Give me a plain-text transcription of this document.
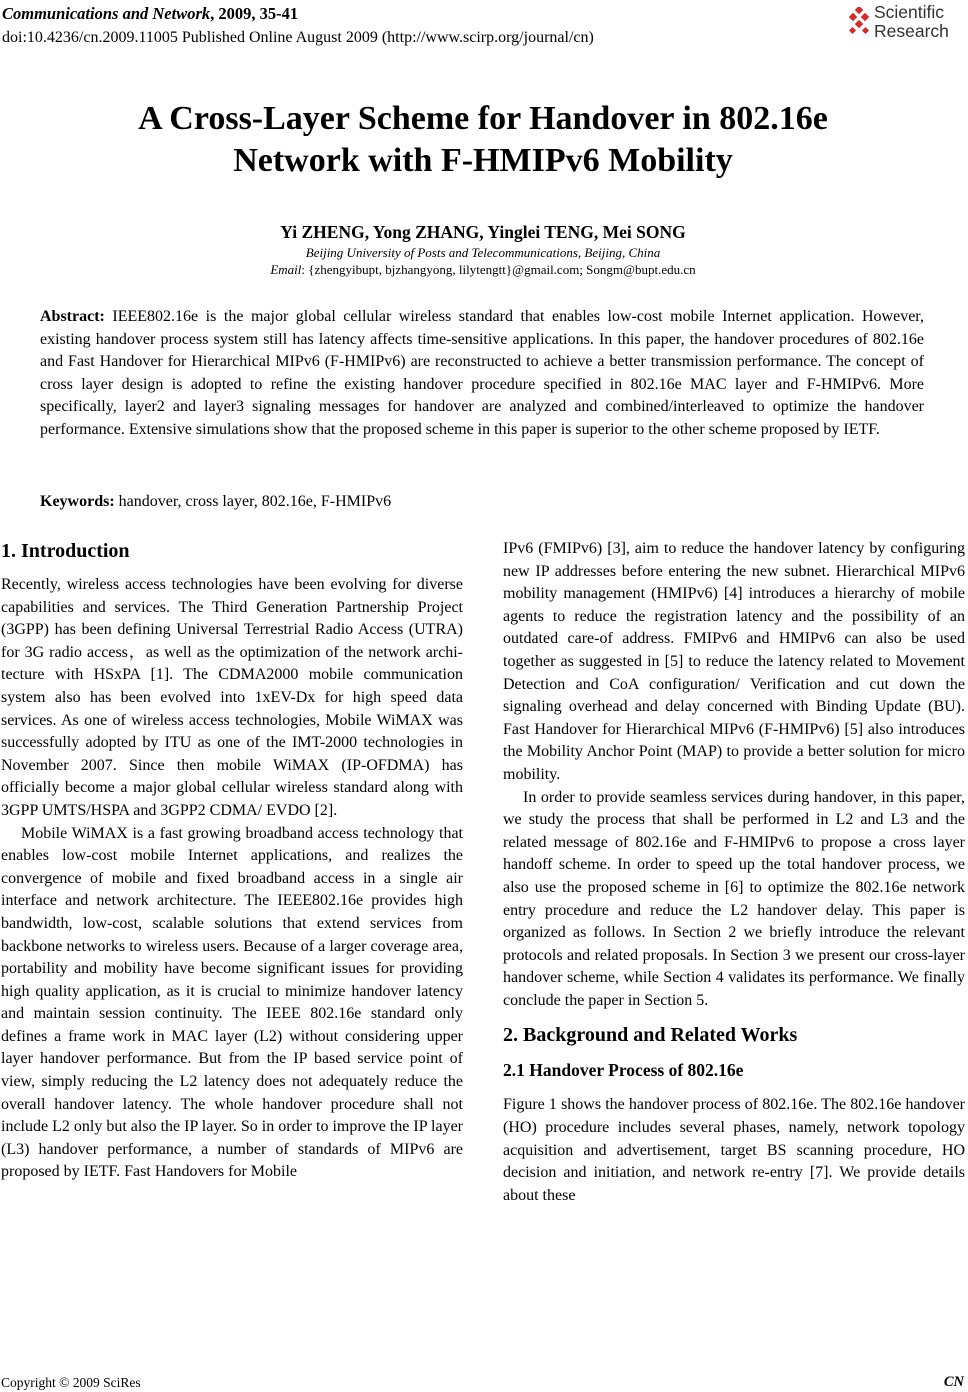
Communications and Network, 2009, 35-41
doi:10.4236/cn.2009.11005 Published Online August 2009 (http://www.scirp.org/journal/cn)
Scientific
Research
A Cross-Layer Scheme for Handover in 802.16e
Network with F-HMIPv6 Mobility
Yi ZHENG, Yong ZHANG, Yinglei TENG, Mei SONG
Beijing University of Posts and Telecommunications, Beijing, China
Email: {zhengyibupt, bjzhangyong, lilytengtt}@gmail.com; Songm@bupt.edu.cn
Abstract: IEEE802.16e is the major global cellular wireless standard that enables low-cost mobile Internet application. However, existing handover process system still has latency affects time-sensitive applications. In this paper, the handover procedures of 802.16e and Fast Handover for Hierarchical MIPv6 (F-HMIPv6) are reconstructed to achieve a better transmission performance. The concept of cross layer design is adopted to refine the existing handover procedure specified in 802.16e MAC layer and F-HMIPv6. More specifically, layer2 and layer3 signaling messages for handover are analyzed and combined/interleaved to optimize the handover performance. Extensive simulations show that the proposed scheme in this paper is superior to the other scheme proposed by IETF.
Keywords: handover, cross layer, 802.16e, F-HMIPv6
1. Introduction

Recently, wireless access technologies have been evolving for diverse capabilities and services. The Third Generation Partnership Project (3GPP) has been defining Universal Terrestrial Radio Access (UTRA) for 3G radio access，as well as the optimization of the network architecture with HSxPA [1]. The CDMA2000 mobile communication system also has been evolved into 1xEV-Dx for high speed data services. As one of wireless access technologies, Mobile WiMAX was successfully adopted by ITU as one of the IMT-2000 technologies in November 2007. Since then mobile WiMAX (IP-OFDMA) has officially become a major global cellular wireless standard along with 3GPP UMTS/HSPA and 3GPP2 CDMA/ EVDO [2].

Mobile WiMAX is a fast growing broadband access technology that enables low-cost mobile Internet applications, and realizes the convergence of mobile and fixed broadband access in a single air interface and network architecture. The IEEE802.16e provides high bandwidth, low-cost, scalable solutions that extend services from backbone networks to wireless users. Because of a larger coverage area, portability and mobility have become significant issues for providing high quality application, as it is crucial to minimize handover latency and maintain session continuity. The IEEE 802.16e standard only defines a frame work in MAC layer (L2) without considering upper layer handover performance. But from the IP based service point of view, simply reducing the L2 latency does not adequately reduce the overall handover latency. The whole handover procedure shall not include L2 only but also the IP layer. So in order to improve the IP layer (L3) handover performance, a number of standards of MIPv6 are proposed by IETF. Fast Handovers for Mobile

IPv6 (FMIPv6) [3], aim to reduce the handover latency by configuring new IP addresses before entering the new subnet. Hierarchical MIPv6 mobility management (HMIPv6) [4] introduces a hierarchy of mobile agents to reduce the registration latency and the possibility of an outdated care-of address. FMIPv6 and HMIPv6 can also be used together as suggested in [5] to reduce the latency related to Movement Detection and CoA configuration/ Verification and cut down the signaling overhead and delay concerned with Binding Update (BU). Fast Handover for Hierarchical MIPv6 (F-HMIPv6) [5] also introduces the Mobility Anchor Point (MAP) to provide a better solution for micro mobility.

In order to provide seamless services during handover, in this paper, we study the process that shall be performed in L2 and L3 and the related message of 802.16e and F-HMIPv6 to propose a cross layer handoff scheme. In order to speed up the total handover process, we also use the proposed scheme in [6] to optimize the 802.16e network entry procedure and reduce the L2 handover delay. This paper is organized as follows. In Section 2 we briefly introduce the relevant protocols and related proposals. In Section 3 we present our cross-layer handover scheme, while Section 4 validates its performance. We finally conclude the paper in Section 5.

2. Background and Related Works
2.1 Handover Process of 802.16e

Figure 1 shows the handover process of 802.16e. The 802.16e handover (HO) procedure includes several phases, namely, network topology acquisition and advertisement, target BS scanning procedure, HO decision and initiation, and network re-entry [7]. We provide details about these

Copyright © 2009 SciRes	CN
